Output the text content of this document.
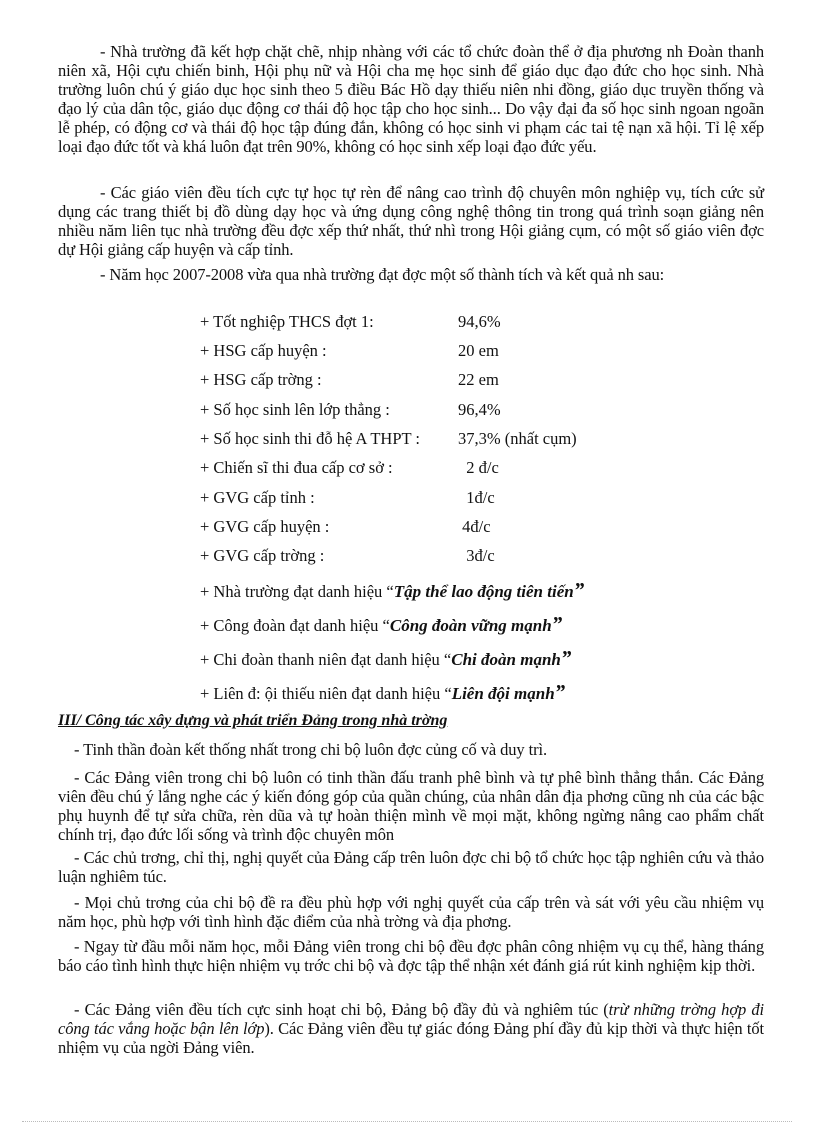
- Nhà trường đã kết hợp chặt chẽ, nhịp nhàng với các tổ chức đoàn thể ở địa phương nh Đoàn thanh niên xã, Hội cựu chiến binh, Hội phụ nữ và Hội cha mẹ học sinh để giáo dục đạo đức cho học sinh. Nhà trường luôn chú ý giáo dục học sinh theo 5 điều Bác Hồ dạy thiếu niên nhi đồng, giáo dục truyền thống và đạo lý của dân tộc, giáo dục động cơ thái độ học tập cho học sinh... Do vậy đại đa số học sinh ngoan ngoãn lễ phép, có động cơ và thái độ học tập đúng đắn, không có học sinh vi phạm các tai tệ nạn xã hội. Tỉ lệ xếp loại đạo đức tốt và khá luôn đạt trên 90%, không có học sinh xếp loại đạo đức yếu.
- Các giáo viên đều tích cực tự học tự rèn để nâng cao trình độ chuyên môn nghiệp vụ, tích cức sử dụng các trang thiết bị đồ dùng dạy học và ứng dụng công nghệ thông tin trong quá trình soạn giảng nên nhiều năm liên tục nhà trường đều đợc xếp thứ nhất, thứ nhì trong Hội giảng cụm, có một số giáo viên đợc dự Hội giảng cấp huyện và cấp tỉnh.
- Năm học 2007-2008 vừa qua nhà trường đạt đợc một số thành tích và kết quả nh sau:
+ Tốt nghiệp THCS đợt 1:	94,6%
+ HSG cấp huyện :	20 em
+ HSG cấp trờng :	22 em
+ Số học sinh lên lớp thẳng :	96,4%
+ Số học sinh thi đỗ hệ A THPT : 37,3% (nhất cụm)
+ Chiến sĩ thi đua cấp cơ sở :	2 đ/c
+ GVG cấp tỉnh :	1đ/c
+ GVG cấp huyện :	4đ/c
+ GVG cấp trờng :	3đ/c
+ Nhà trường đạt danh hiệu “Tập thể lao động tiên tiến”
+ Công đoàn đạt danh hiệu “Công đoàn vững mạnh”
+ Chi đoàn thanh niên đạt danh hiệu “Chi đoàn mạnh”
+ Liên đ: ội thiếu niên đạt danh hiệu “Liên đội mạnh”
III/ Công tác xây dựng và phát triển Đảng trong nhà trờng
- Tinh thần đoàn kết thống nhất trong chi bộ luôn đợc củng cố và duy trì.
- Các Đảng viên trong chi bộ luôn có tinh thần đấu tranh phê bình và tự phê bình thẳng thắn. Các Đảng viên đều chú ý lắng nghe các ý kiến đóng góp của quần chúng, của nhân dân địa phơng cũng nh của các bậc phụ huynh để tự sửa chữa, rèn dũa và tự hoàn thiện mình về mọi mặt, không ngừng nâng cao phẩm chất chính trị, đạo đức lối sống và trình độc chuyên môn
- Các chủ trơng, chỉ thị, nghị quyết của Đảng cấp trên luôn đợc chi bộ tổ chức học tập nghiên cứu và thảo luận nghiêm túc.
- Mọi chủ trơng của chi bộ đề ra đều phù hợp với nghị quyết của cấp trên và sát với yêu cầu nhiệm vụ năm học, phù hợp với tình hình đặc điểm của nhà trờng và địa phơng.
- Ngay từ đầu mỗi năm học, mỗi Đảng viên trong chi bộ đều đợc phân công nhiệm vụ cụ thể, hàng tháng báo cáo tình hình thực hiện nhiệm vụ trớc chi bộ và đợc tập thể nhận xét đánh giá rút kinh nghiệm kịp thời.
- Các Đảng viên đều tích cực sinh hoạt chi bộ, Đảng bộ đầy đủ và nghiêm túc (trừ những trờng hợp đi công tác vắng hoặc bận lên lớp). Các Đảng viên đều tự giác đóng Đảng phí đầy đủ kịp thời và thực hiện tốt nhiệm vụ của ngời Đảng viên.
